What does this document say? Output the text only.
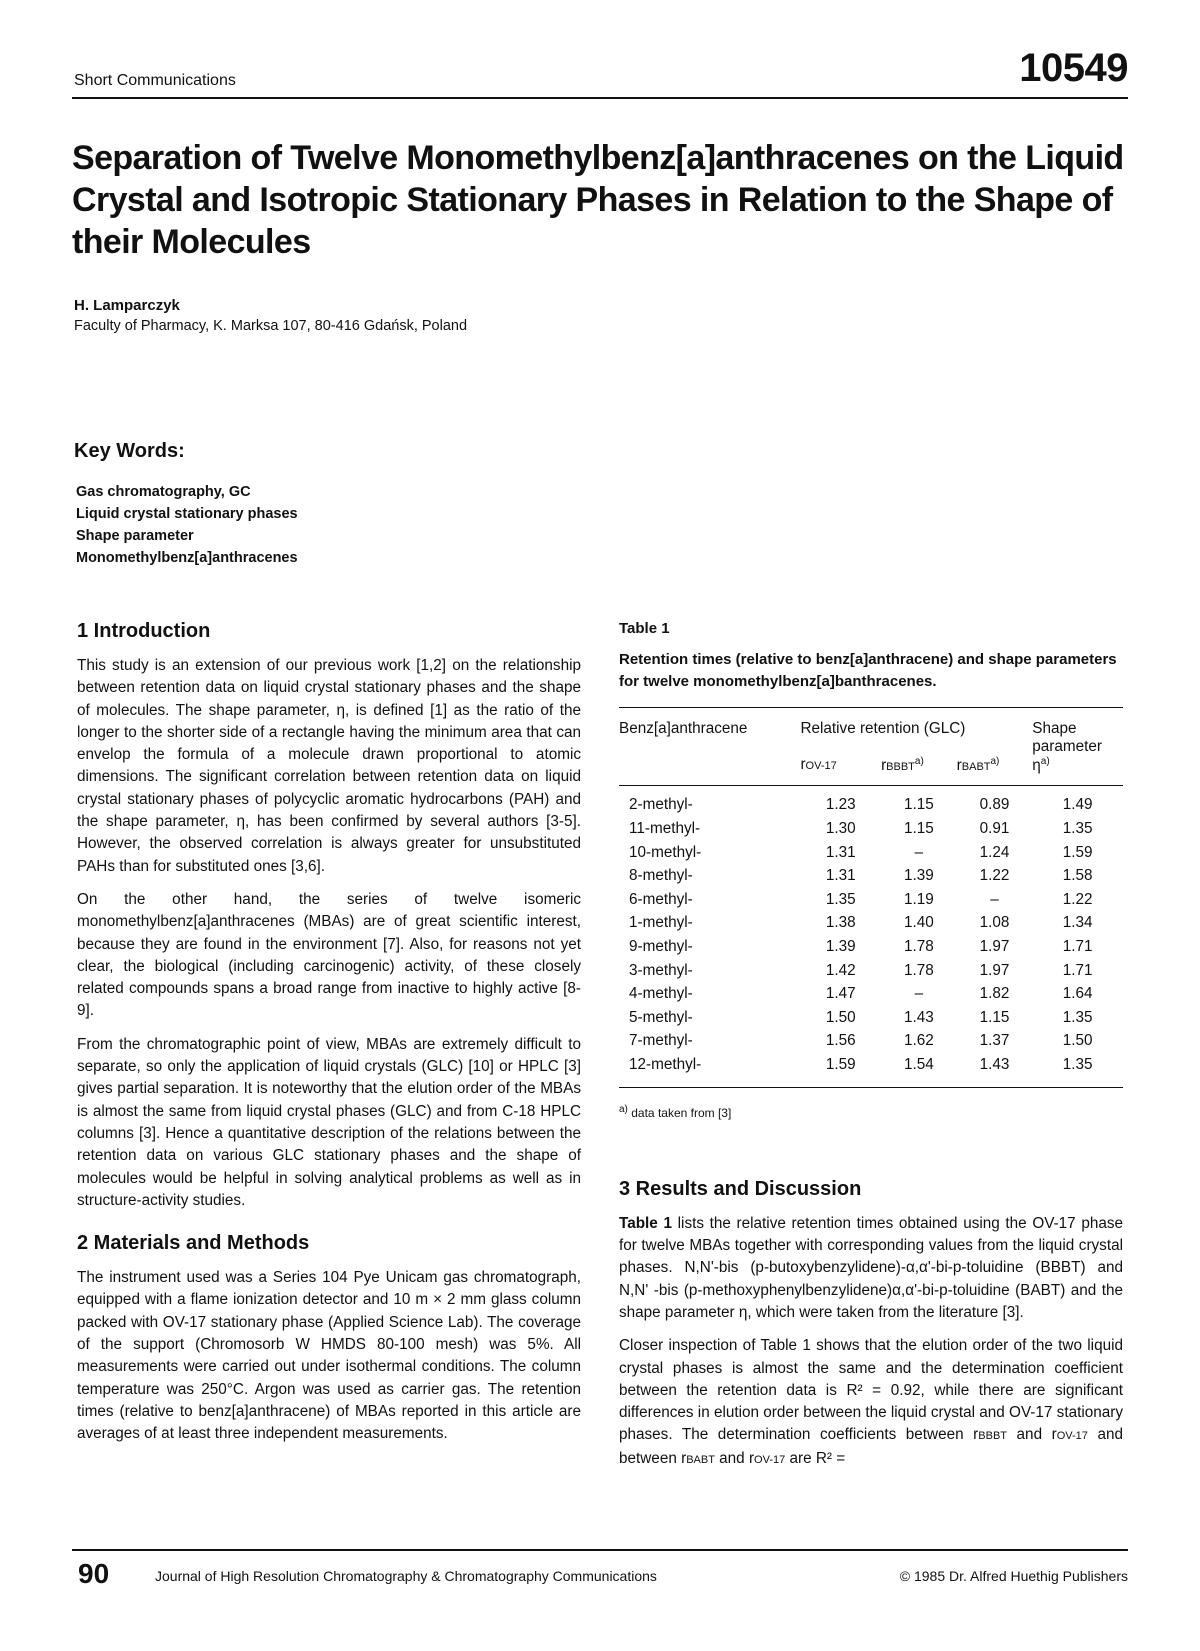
Short Communications	10549
Separation of Twelve Monomethylbenz[a]anthracenes on the Liquid Crystal and Isotropic Stationary Phases in Relation to the Shape of their Molecules
H. Lamparczyk
Faculty of Pharmacy, K. Marksa 107, 80-416 Gdańsk, Poland
Key Words:
Gas chromatography, GC
Liquid crystal stationary phases
Shape parameter
Monomethylbenz[a]anthracenes
1 Introduction

This study is an extension of our previous work [1,2] on the relationship between retention data on liquid crystal stationary phases and the shape of molecules. The shape parameter, η, is defined [1] as the ratio of the longer to the shorter side of a rectangle having the minimum area that can envelop the formula of a molecule drawn proportional to atomic dimensions. The significant correlation between retention data on liquid crystal stationary phases of polycyclic aromatic hydrocarbons (PAH) and the shape parameter, η, has been confirmed by several authors [3-5]. However, the observed correlation is always greater for unsubstituted PAHs than for substituted ones [3,6].

On the other hand, the series of twelve isomeric monomethylbenz[a]anthracenes (MBAs) are of great scientific interest, because they are found in the environment [7]. Also, for reasons not yet clear, the biological (including carcinogenic) activity, of these closely related compounds spans a broad range from inactive to highly active [8-9].

From the chromatographic point of view, MBAs are extremely difficult to separate, so only the application of liquid crystals (GLC) [10] or HPLC [3] gives partial separation. It is noteworthy that the elution order of the MBAs is almost the same from liquid crystal phases (GLC) and from C-18 HPLC columns [3]. Hence a quantitative description of the relations between the retention data on various GLC stationary phases and the shape of molecules would be helpful in solving analytical problems as well as in structure-activity studies.

2 Materials and Methods

The instrument used was a Series 104 Pye Unicam gas chromatograph, equipped with a flame ionization detector and 10 m × 2 mm glass column packed with OV-17 stationary phase (Applied Science Lab). The coverage of the support (Chromosorb W HMDS 80-100 mesh) was 5%. All measurements were carried out under isothermal conditions. The column temperature was 250°C. Argon was used as carrier gas. The retention times (relative to benz[a]anthracene) of MBAs reported in this article are averages of at least three independent measurements.

Table 1
Retention times (relative to benz[a]anthracene) and shape parameters for twelve monomethylbenz[a]banthracenes.
Benz[a]anthracene	Relative retention (GLC)			Shape parameter
	rOV-17	rBBBT$^{a)}$	rBABT$^{a)}$	$\eta^{a)}$

2-methyl-	1.23	1.15	0.89	1.49
11-methyl-	1.30	1.15	0.91	1.35
10-methyl-	1.31	–	1.24	1.59
8-methyl-	1.31	1.39	1.22	1.58
6-methyl-	1.35	1.19	–	1.22
1-methyl-	1.38	1.40	1.08	1.34
9-methyl-	1.39	1.78	1.97	1.71
3-methyl-	1.42	1.78	1.97	1.71
4-methyl-	1.47	–	1.82	1.64
5-methyl-	1.50	1.43	1.15	1.35
7-methyl-	1.56	1.62	1.37	1.50
12-methyl-	1.59	1.54	1.43	1.35
$^{a)}$ data taken from [3]
3 Results and Discussion

Table 1 lists the relative retention times obtained using the OV-17 phase for twelve MBAs together with corresponding values from the liquid crystal phases. N,N'-bis (p-butoxybenzylidene)-α,α'-bi-p-toluidine (BBBT) and N,N' -bis (p-methoxyphenylbenzylidene)α,α'-bi-p-toluidine (BABT) and the shape parameter η, which were taken from the literature [3].

Closer inspection of Table 1 shows that the elution order of the two liquid crystal phases is almost the same and the determination coefficient between the retention data is R² = 0.92, while there are significant differences in elution order between the liquid crystal and OV-17 stationary phases. The determination coefficients between rBBBT and rOV-17 and between rBABT and rOV-17 are R² =

90	Journal of High Resolution Chromatography & Chromatography Communications	© 1985 Dr. Alfred Huethig Publishers
